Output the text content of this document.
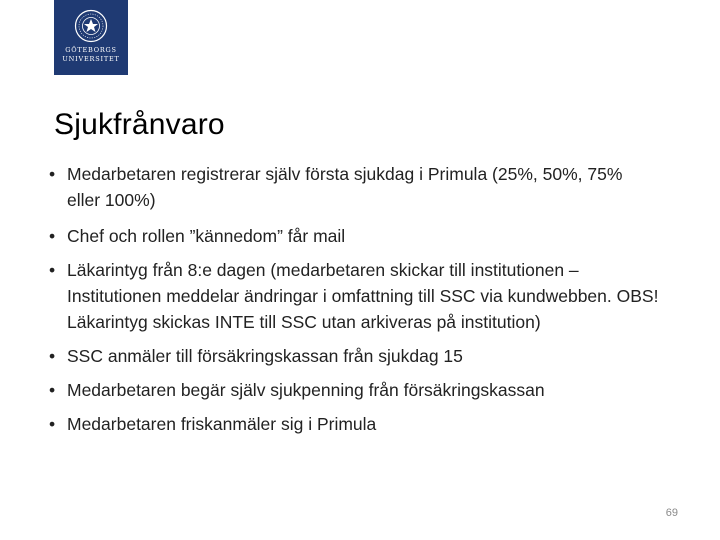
GÖTEBORGS
UNIVERSITET
Sjukfrånvaro
• Medarbetaren registrerar själv första sjukdag i Primula (25%, 50%, 75% eller 100%)
• Chef och rollen ”kännedom” får mail
• Läkarintyg från 8:e dagen (medarbetaren skickar till institutionen – Institutionen meddelar ändringar i omfattning till SSC via kundwebben. OBS! Läkarintyg skickas INTE till SSC utan arkiveras på institution)
• SSC anmäler till försäkringskassan från sjukdag 15
• Medarbetaren begär själv sjukpenning från försäkringskassan
• Medarbetaren friskanmäler sig i Primula
69
